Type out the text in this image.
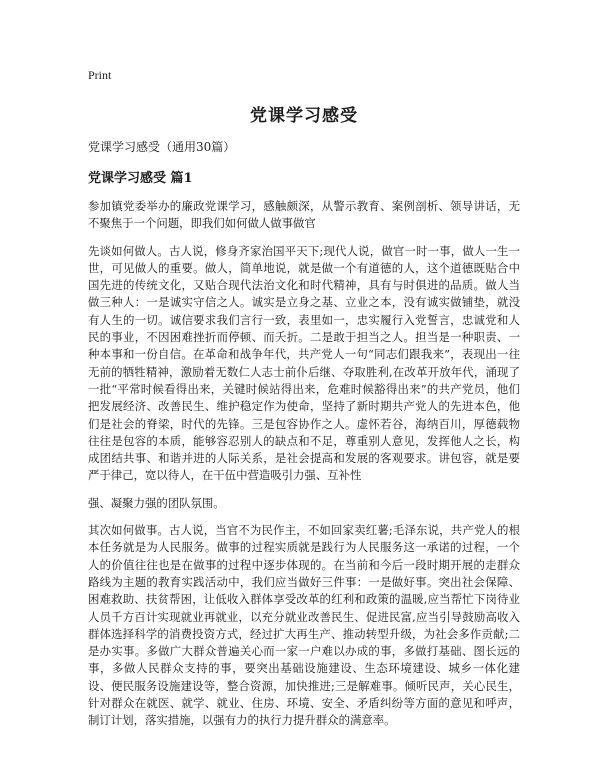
Print
党课学习感受

党课学习感受（通用30篇）

党课学习感受 篇1

参加镇党委举办的廉政党课学习，感触颇深，从警示教育、案例剖析、领导讲话，无不聚焦于一个问题，即我们如何做人做事做官

先谈如何做人。古人说，修身齐家治国平天下;现代人说，做官一时一事，做人一生一世，可见做人的重要。做人，简单地说，就是做一个有道德的人，这个道德既贴合中国先进的传统文化，又贴合现代法治文化和时代精神，具有与时俱进的品质。做人当做三种人：一是诚实守信之人。诚实是立身之基、立业之本，没有诚实做铺垫，就没有人生的一切。诚信要求我们言行一致，表里如一，忠实履行入党誓言，忠诚党和人民的事业，不因困难挫折而停顿、而夭折。二是敢于担当之人。担当是一种职责、一种本事和一份自信。在革命和战争年代，共产党人一句“同志们跟我来”，表现出一往无前的牺牲精神，激励着无数仁人志士前仆后继、夺取胜利,在改革开放年代，涌现了一批“平常时候看得出来，关键时候站得出来，危难时候豁得出来”的共产党员，他们把发展经济、改善民生、维护稳定作为使命，坚持了新时期共产党人的先进本色，他们是社会的脊梁，时代的先锋。三是包容协作之人。虚怀若谷，海纳百川，厚德载物往往是包容的本质，能够容忍别人的缺点和不足，尊重别人意见，发挥他人之长，构成团结共事、和谐并进的人际关系，是社会提高和发展的客观要求。讲包容，就是要严于律己，宽以待人，在干伍中营造吸引力强、互补性

强、凝聚力强的团队氛围。

其次如何做事。古人说，当官不为民作主，不如回家卖红薯;毛泽东说，共产党人的根本任务就是为人民服务。做事的过程实质就是践行为人民服务这一承诺的过程，一个人的价值往往也是在做事的过程中逐步体现的。在当前和今后一段时期开展的走群众路线为主题的教育实践活动中，我们应当做好三件事：一是做好事。突出社会保障、困难救助、扶贫帮困，让低收入群体享受改革的红利和政策的温暖,应当帮忙下岗待业人员千方百计实现就业再就业，以充分就业改善民生、促进民富,应当引导鼓励高收入群体选择科学的消费投资方式，经过扩大再生产、推动转型升级，为社会多作贡献;二是办实事。多做广大群众普遍关心而一家一户难以办成的事，多做打基础、图长远的事，多做人民群众支持的事，要突出基础设施建设、生态环境建设、城乡一体化建设、便民服务设施建设等，整合资源，加快推进;三是解难事。倾听民声，关心民生，针对群众在就医、就学、就业、住房、环境、安全、矛盾纠纷等方面的意见和呼声，制订计划，落实措施，以强有力的执行力提升群众的满意率。
